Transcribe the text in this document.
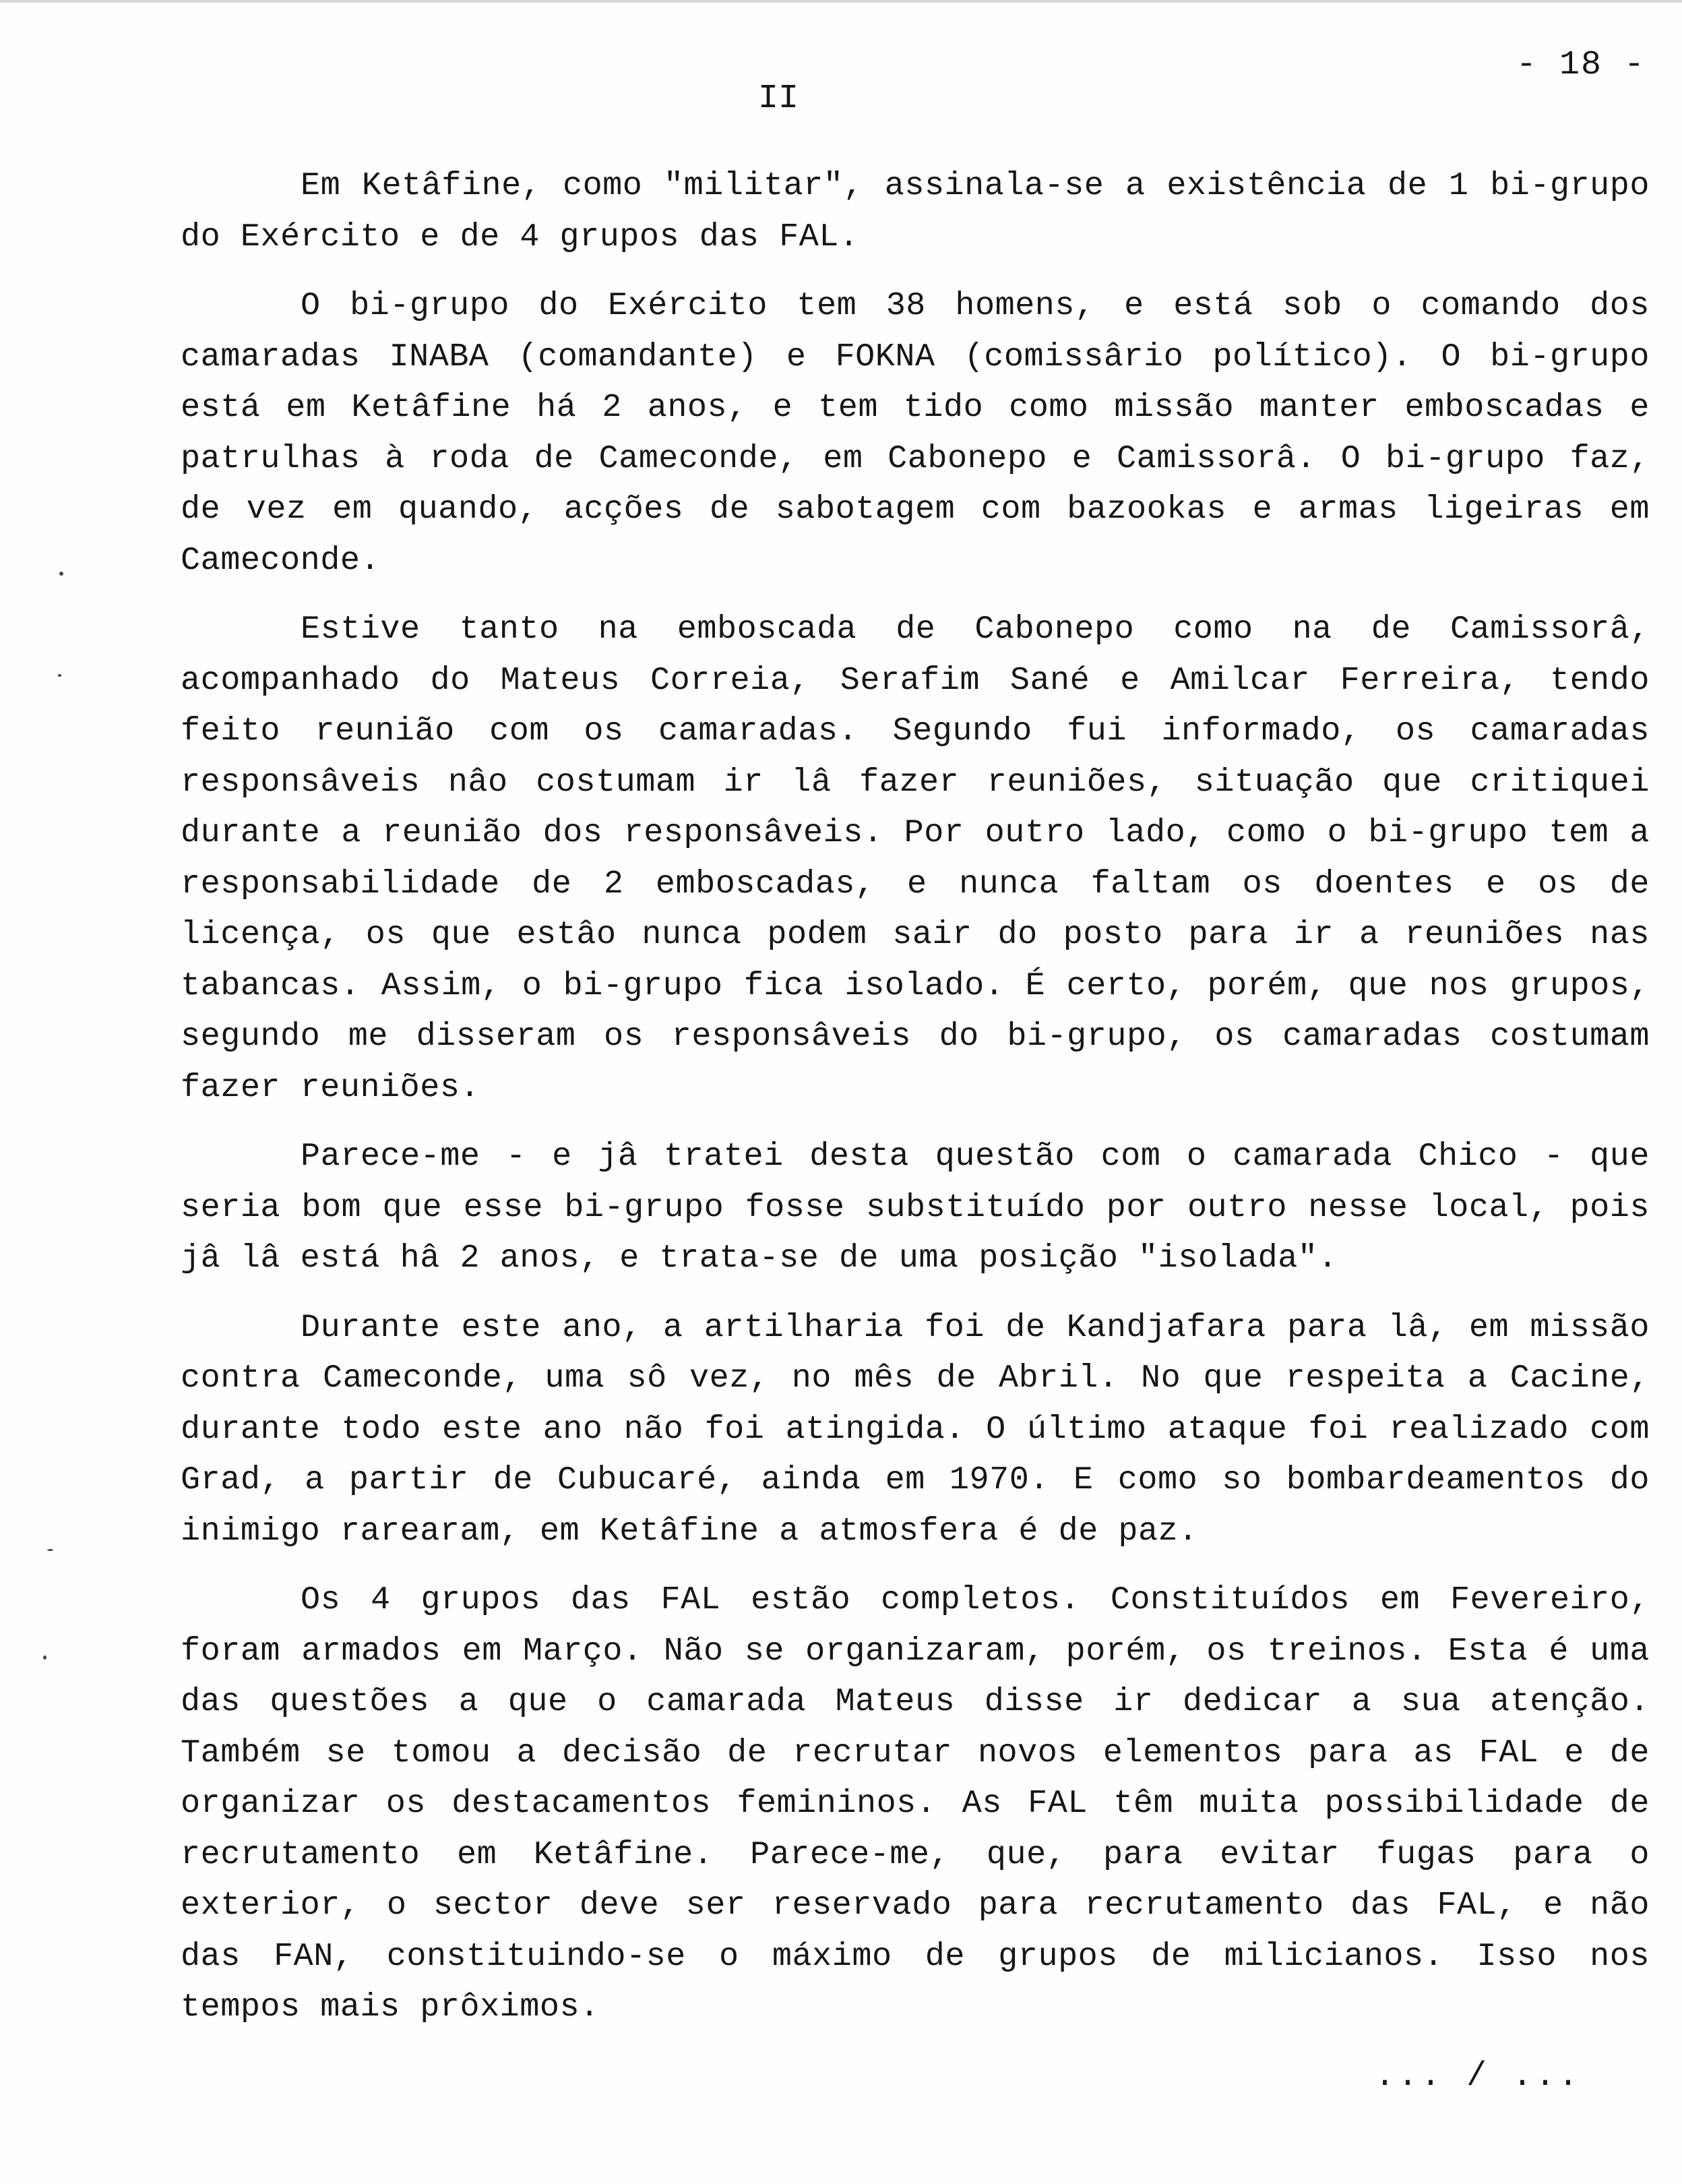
- 18 -
II

Em Ketâfine, como "militar", assinala-se a existência de 1 bi-grupo do Exército e de 4 grupos das FAL.

O bi-grupo do Exército tem 38 homens, e está sob o comando dos camaradas INABA (comandante) e FOKNA (comissârio político). O bi-grupo está em Ketâfine há 2 anos, e tem tido como missão manter emboscadas e patrulhas à roda de Cameconde, em Cabonepo e Camissorâ. O bi-grupo faz, de vez em quando, acções de sabotagem com bazookas e armas ligeiras em Cameconde.

Estive tanto na emboscada de Cabonepo como na de Camissorâ, acompanhado do Mateus Correia, Serafim Sané e Amilcar Ferreira, tendo feito reunião com os camaradas. Segundo fui informado, os camaradas responsâveis nâo costumam ir lâ fazer reuniões, situação que critiquei durante a reunião dos responsâveis. Por outro lado, como o bi-grupo tem a responsabilidade de 2 emboscadas, e nunca faltam os doentes e os de licença, os que estâo nunca podem sair do posto para ir a reuniões nas tabancas. Assim, o bi-grupo fica isolado. É certo, porém, que nos grupos, segundo me disseram os responsâveis do bi-grupo, os camaradas costumam fazer reuniões.

Parece-me - e jâ tratei desta questão com o camarada Chico - que seria bom que esse bi-grupo fosse substituído por outro nesse local, pois jâ lâ está hâ 2 anos, e trata-se de uma posição "isolada".

Durante este ano, a artilharia foi de Kandjafara para lâ, em missão contra Cameconde, uma sô vez, no mês de Abril. No que respeita a Cacine, durante todo este ano não foi atingida. O último ataque foi realizado com Grad, a partir de Cubucaré, ainda em 1970. E como so bombardeamentos do inimigo rarearam, em Ketâfine a atmosfera é de paz.

Os 4 grupos das FAL estão completos. Constituídos em Fevereiro, foram armados em Março. Não se organizaram, porém, os treinos. Esta é uma das questões a que o camarada Mateus disse ir dedicar a sua atenção. Também se tomou a decisão de recrutar novos elementos para as FAL e de organizar os destacamentos femininos. As FAL têm muita possibilidade de recrutamento em Ketâfine. Parece-me, que, para evitar fugas para o exterior, o sector deve ser reservado para recrutamento das FAL, e não das FAN, constituindo-se o máximo de grupos de milicianos. Isso nos tempos mais prôximos.

... / ...
